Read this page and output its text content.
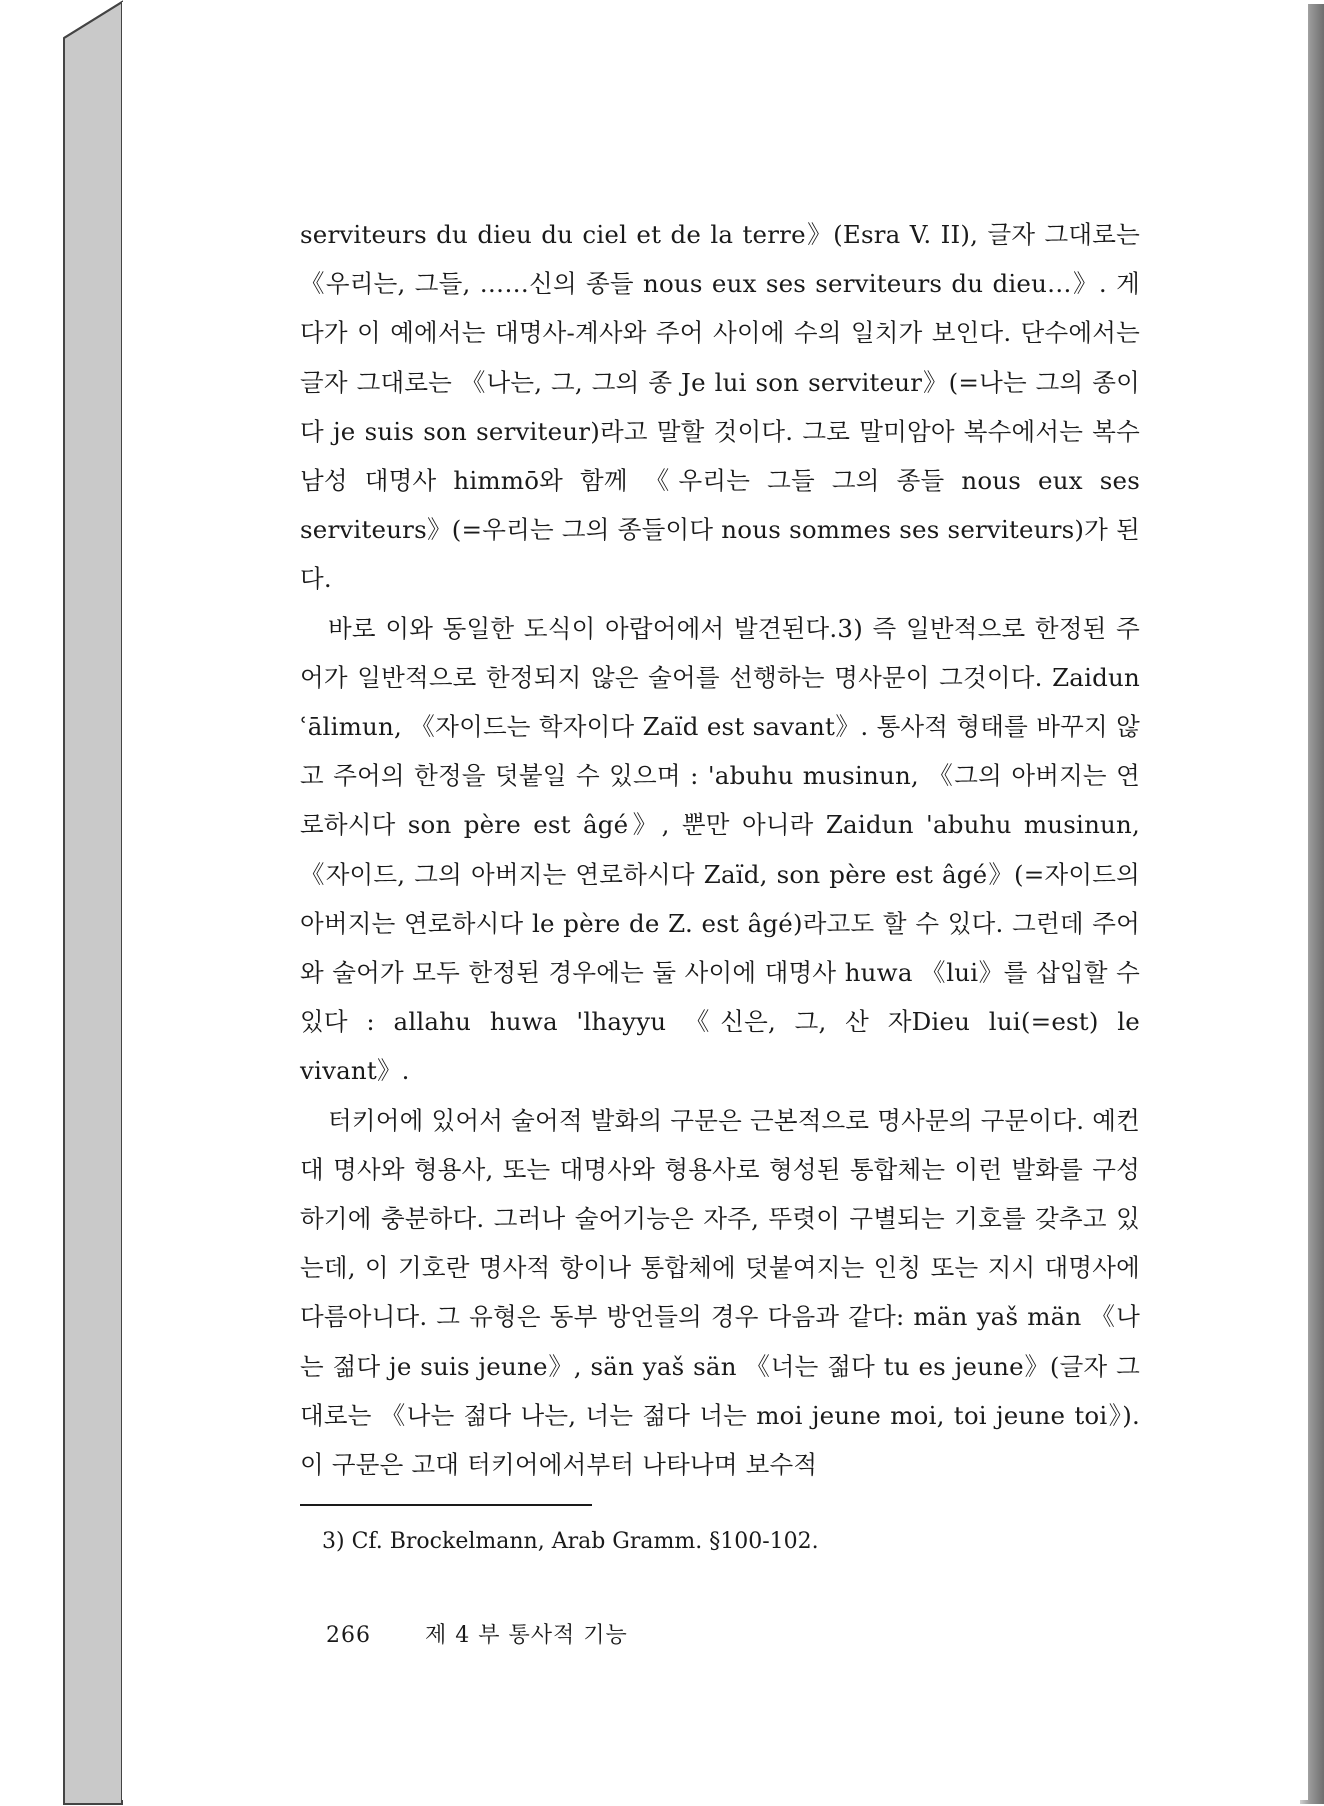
serviteurs du dieu du ciel et de la terre》(Esra V. II), 글자 그대로는 《우리는, 그들, ……신의 종들 nous eux ses serviteurs du dieu…》. 게다가 이 예에서는 대명사-계사와 주어 사이에 수의 일치가 보인다. 단수에서는 글자 그대로는 《나는, 그, 그의 종 Je lui son serviteur》(=나는 그의 종이다 je suis son serviteur)라고 말할 것이다. 그로 말미암아 복수에서는 복수남성 대명사 himmō와 함께 《우리는 그들 그의 종들 nous eux ses serviteurs》(=우리는 그의 종들이다 nous sommes ses serviteurs)가 된다.

바로 이와 동일한 도식이 아랍어에서 발견된다.3) 즉 일반적으로 한정된 주어가 일반적으로 한정되지 않은 술어를 선행하는 명사문이 그것이다. Zaidun ʿālimun, 《자이드는 학자이다 Zaïd est savant》. 통사적 형태를 바꾸지 않고 주어의 한정을 덧붙일 수 있으며 : 'abuhu musinun, 《그의 아버지는 연로하시다 son père est âgé》, 뿐만 아니라 Zaidun 'abuhu musinun, 《자이드, 그의 아버지는 연로하시다 Zaïd, son père est âgé》(=자이드의 아버지는 연로하시다 le père de Z. est âgé)라고도 할 수 있다. 그런데 주어와 술어가 모두 한정된 경우에는 둘 사이에 대명사 huwa 《lui》를 삽입할 수 있다 : allahu huwa 'lhayyu 《신은, 그, 산 자Dieu lui(=est) le vivant》.

터키어에 있어서 술어적 발화의 구문은 근본적으로 명사문의 구문이다. 예컨대 명사와 형용사, 또는 대명사와 형용사로 형성된 통합체는 이런 발화를 구성하기에 충분하다. 그러나 술어기능은 자주, 뚜렷이 구별되는 기호를 갖추고 있는데, 이 기호란 명사적 항이나 통합체에 덧붙여지는 인칭 또는 지시 대명사에 다름아니다. 그 유형은 동부 방언들의 경우 다음과 같다: män yaš män 《나는 젊다 je suis jeune》, sän yaš sän 《너는 젊다 tu es jeune》(글자 그대로는 《나는 젊다 나는, 너는 젊다 너는 moi jeune moi, toi jeune toi》). 이 구문은 고대 터키어에서부터 나타나며 보수적

3) Cf. Brockelmann, Arab Gramm. §100-102.
266 제 4 부 통사적 기능
